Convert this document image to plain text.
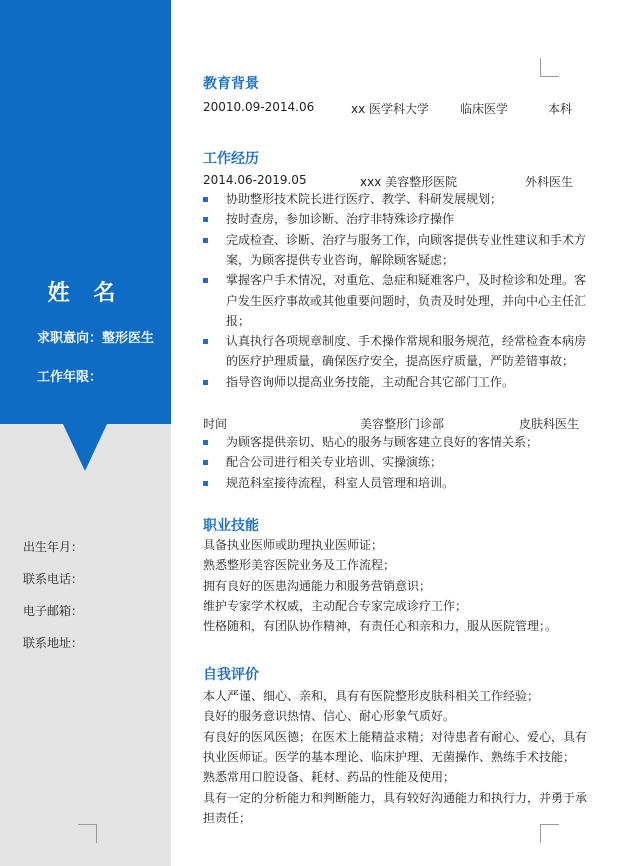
姓 名
求职意向：整形医生
工作年限：
出生年月：
联系电话：
电子邮箱：
联系地址：
教育背景
20010.09-2014.06	xx 医学科大学	临床医学	本科
工作经历
2014.06-2019.05	xxx 美容整形医院	外科医生
协助整形技术院长进行医疗、教学、科研发展规划；
按时查房，参加诊断、治疗非特殊诊疗操作
完成检查、诊断、治疗与服务工作，向顾客提供专业性建议和手术方
案，为顾客提供专业咨询，解除顾客疑虑；
掌握客户手术情况，对重危、急症和疑难客户，及时检诊和处理。客
户发生医疗事故或其他重要问题时，负责及时处理，并向中心主任汇
报；
认真执行各项规章制度、手术操作常规和服务规范，经常检查本病房
的医疗护理质量，确保医疗安全，提高医疗质量，严防差错事故；
指导咨询师以提高业务技能，主动配合其它部门工作。
时间	美容整形门诊部	皮肤科医生
为顾客提供亲切、贴心的服务与顾客建立良好的客情关系；
配合公司进行相关专业培训、实操演练；
规范科室接待流程，科室人员管理和培训。
职业技能
具备执业医师或助理执业医师证；
熟悉整形美容医院业务及工作流程；
拥有良好的医患沟通能力和服务营销意识；
维护专家学术权威，主动配合专家完成诊疗工作；
性格随和，有团队协作精神，有责任心和亲和力，服从医院管理；。
自我评价
本人严谨、细心、亲和，具有有医院整形皮肤科相关工作经验；
良好的服务意识热情、信心、耐心形象气质好。
有良好的医风医德；在医术上能精益求精；对待患者有耐心、爱心，具有
执业医师证。医学的基本理论、临床护理、无菌操作、熟练手术技能；
熟悉常用口腔设备、耗材、药品的性能及使用；
具有一定的分析能力和判断能力，具有较好沟通能力和执行力，并勇于承
担责任；
